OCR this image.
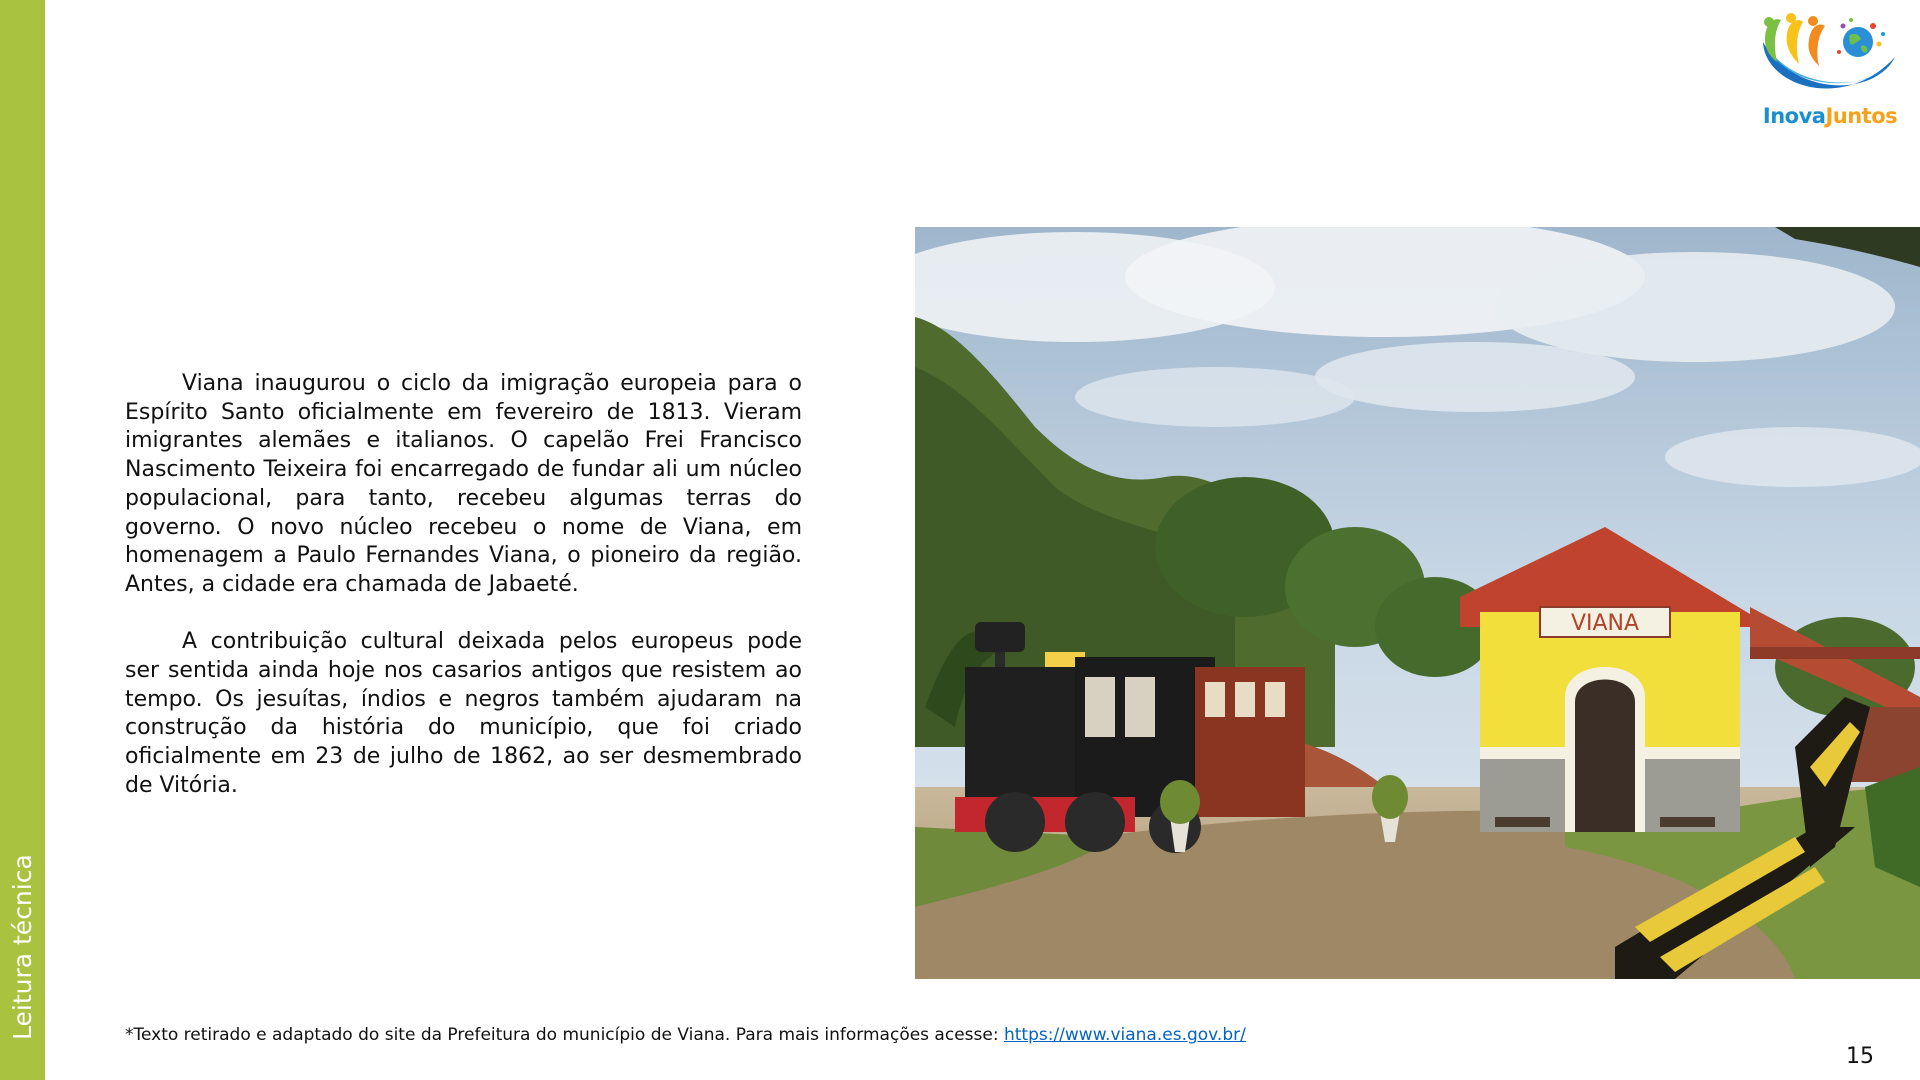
Leitura técnica
InovaJuntos

Viana inaugurou o ciclo da imigração europeia para o Espírito Santo oficialmente em fevereiro de 1813. Vieram imigrantes alemães e italianos. O capelão Frei Francisco Nascimento Teixeira foi encarregado de fundar ali um núcleo populacional, para tanto, recebeu algumas terras do governo. O novo núcleo recebeu o nome de Viana, em homenagem a Paulo Fernandes Viana, o pioneiro da região. Antes, a cidade era chamada de Jabaeté.

A contribuição cultural deixada pelos europeus pode ser sentida ainda hoje nos casarios antigos que resistem ao tempo. Os jesuítas, índios e negros também ajudaram na construção da história do município, que foi criado oficialmente em 23 de julho de 1862, ao ser desmembrado de Vitória.

VIANA
*Texto retirado e adaptado do site da Prefeitura do município de Viana. Para mais informações acesse: https://www.viana.es.gov.br/
15
